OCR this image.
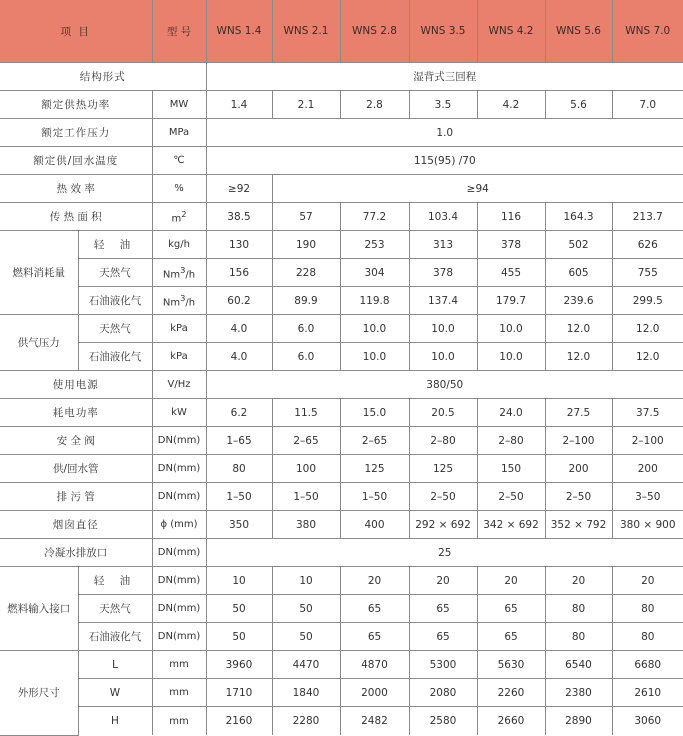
项 目		型 号	WNS 1.4	WNS 2.1	WNS 2.8	WNS 3.5	WNS 4.2	WNS 5.6	WNS 7.0
结构形式			湿背式三回程						
额定供热功率		MW	1.4	2.1	2.8	3.5	4.2	5.6	7.0
额定工作压力		MPa	1.0						
额定供/回水温度		℃	115(95) /70						
热 效 率		%	≥92	≥94					
传 热 面 积		$m^2$	38.5	57	77.2	103.4	116	164.3	213.7
燃料消耗量	轻 油	kg/h	130	190	253	313	378	502	626
	天然气	Nm$^3$/h	156	228	304	378	455	605	755
	石油液化气	Nm$^3$/h	60.2	89.9	119.8	137.4	179.7	239.6	299.5
供气压力	天然气	kPa	4.0	6.0	10.0	10.0	10.0	12.0	12.0
	石油液化气	kPa	4.0	6.0	10.0	10.0	10.0	12.0	12.0
使用电源		V/Hz	380/50						
耗电功率		kW	6.2	11.5	15.0	20.5	24.0	27.5	37.5
安 全 阀		DN(mm)	1–65	2–65	2–65	2–80	2–80	2–100	2–100
供/回水管		DN(mm)	80	100	125	125	150	200	200
排 污 管		DN(mm)	1–50	1–50	1–50	2–50	2–50	2–50	3–50
烟囱直径		ϕ (mm)	350	380	400	292 × 692	342 × 692	352 × 792	380 × 900
冷凝水排放口		DN(mm)	25						
燃料输入接口	轻 油	DN(mm)	10	10	20	20	20	20	20
	天然气	DN(mm)	50	50	65	65	65	80	80
	石油液化气	DN(mm)	50	50	65	65	65	80	80
外形尺寸	L	mm	3960	4470	4870	5300	5630	6540	6680
	W	mm	1710	1840	2000	2080	2260	2380	2610
	H	mm	2160	2280	2482	2580	2660	2890	3060
